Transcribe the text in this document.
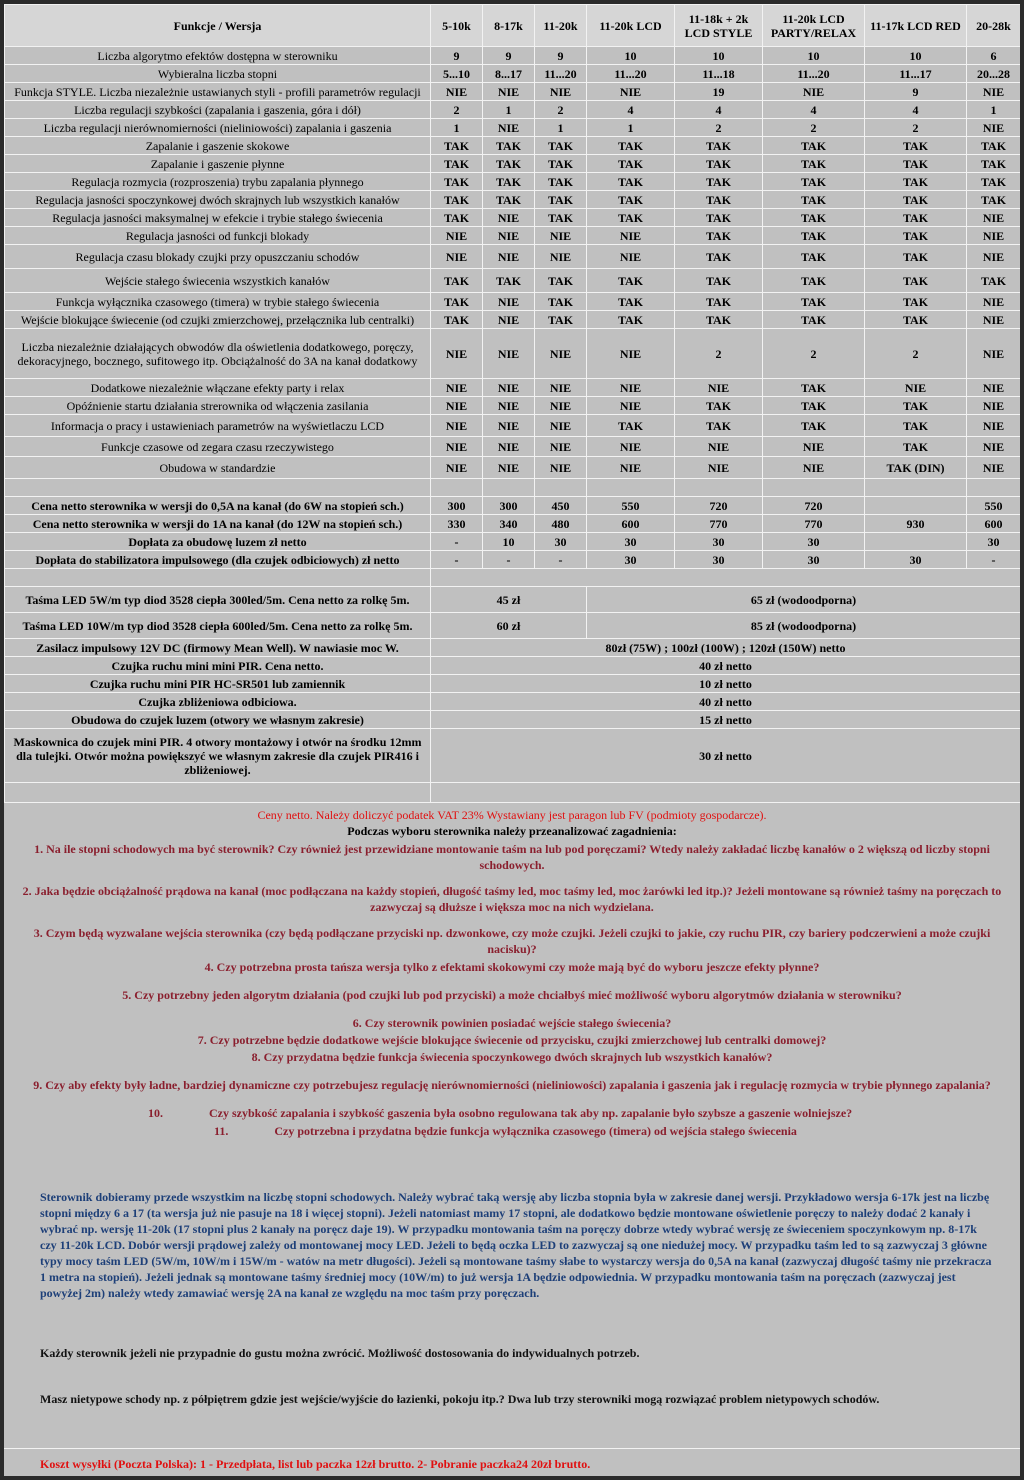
Funkcje / Wersja	5-10k	8-17k	11-20k	11-20k LCD	11-18k + 2k LCD STYLE	11-20k LCD PARTY/RELAX	11-17k LCD RED	20-28k
Liczba algorytmo efektów dostępna w sterowniku	9	9	9	10	10	10	10	6
Wybieralna liczba stopni	5...10	8...17	11...20	11...20	11...18	11...20	11...17	20...28
Funkcja STYLE. Liczba niezależnie ustawianych styli - profili parametrów regulacji	NIE	NIE	NIE	NIE	19	NIE	9	NIE
Liczba regulacji szybkości (zapalania i gaszenia, góra i dół)	2	1	2	4	4	4	4	1
Liczba regulacji nierównomierności (nieliniowości) zapalania i gaszenia	1	NIE	1	1	2	2	2	NIE
Zapalanie i gaszenie skokowe	TAK	TAK	TAK	TAK	TAK	TAK	TAK	TAK
Zapalanie i gaszenie płynne	TAK	TAK	TAK	TAK	TAK	TAK	TAK	TAK
Regulacja rozmycia (rozproszenia) trybu zapalania płynnego	TAK	TAK	TAK	TAK	TAK	TAK	TAK	TAK
Regulacja jasności spoczynkowej dwóch skrajnych lub wszystkich kanałów	TAK	TAK	TAK	TAK	TAK	TAK	TAK	TAK
Regulacja jasności maksymalnej w efekcie i trybie stałego świecenia	TAK	NIE	TAK	TAK	TAK	TAK	TAK	NIE
Regulacja jasności od funkcji blokady	NIE	NIE	NIE	NIE	TAK	TAK	TAK	NIE
Regulacja czasu blokady czujki przy opuszczaniu schodów	NIE	NIE	NIE	NIE	TAK	TAK	TAK	NIE
Wejście stałego świecenia wszystkich kanałów	TAK	TAK	TAK	TAK	TAK	TAK	TAK	TAK
Funkcja wyłącznika czasowego (timera) w trybie stałego świecenia	TAK	NIE	TAK	TAK	TAK	TAK	TAK	NIE
Wejście blokujące świecenie (od czujki zmierzchowej, przełącznika lub centralki)	TAK	NIE	TAK	TAK	TAK	TAK	TAK	NIE
Liczba niezależnie działających obwodów dla oświetlenia dodatkowego, poręczy, dekoracyjnego, bocznego, sufitowego itp. Obciążalność do 3A na kanał dodatkowy	NIE	NIE	NIE	NIE	2	2	2	NIE
Dodatkowe niezależnie włączane efekty party i relax	NIE	NIE	NIE	NIE	NIE	TAK	NIE	NIE
Opóźnienie startu działania strerownika od włączenia zasilania	NIE	NIE	NIE	NIE	TAK	TAK	TAK	NIE
Informacja o pracy i ustawieniach parametrów na wyświetlaczu LCD	NIE	NIE	NIE	TAK	TAK	TAK	TAK	NIE
Funkcje czasowe od zegara czasu rzeczywistego	NIE	NIE	NIE	NIE	NIE	NIE	TAK	NIE
Obudowa w standardzie	NIE	NIE	NIE	NIE	NIE	NIE	TAK (DIN)	NIE

Cena netto sterownika w wersji do 0,5A na kanał (do 6W na stopień sch.)	300	300	450	550	720	720		550
Cena netto sterownika w wersji do 1A na kanał (do 12W na stopień sch.)	330	340	480	600	770	770	930	600
Dopłata za obudowę luzem zł netto	-	10	30	30	30	30		30
Dopłata do stabilizatora impulsowego (dla czujek odbiciowych) zł netto	-	-	-	30	30	30	30	-

Taśma LED 5W/m typ diod 3528 ciepła 300led/5m. Cena netto za rolkę 5m.	45 zł			65 zł (wodoodporna)				
Taśma LED 10W/m typ diod 3528 ciepła 600led/5m. Cena netto za rolkę 5m.	60 zł			85 zł (wodoodporna)				
Zasilacz impulsowy 12V DC (firmowy Mean Well). W nawiasie moc W.	80zł (75W) ; 100zł (100W) ; 120zł (150W) netto							
Czujka ruchu mini mini PIR. Cena netto.	40 zł netto							
Czujka ruchu mini PIR HC-SR501 lub zamiennik	10 zł netto							
Czujka zbliżeniowa odbiciowa.	40 zł netto							
Obudowa do czujek luzem (otwory we własnym zakresie)	15 zł netto							
Maskownica do czujek mini PIR. 4 otwory montażowy i otwór na środku 12mm dla tulejki. Otwór można powiększyć we własnym zakresie dla czujek PIR416 i zbliżeniowej.	30 zł netto							

Ceny netto. Należy doliczyć podatek VAT 23% Wystawiany jest paragon lub FV (podmioty gospodarcze).
Podczas wyboru sterownika należy przeanalizować zagadnienia:

1. Na ile stopni schodowych ma być sterownik? Czy również jest przewidziane montowanie taśm na lub pod poręczami? Wtedy należy zakładać liczbę kanałów o 2 większą od liczby stopni schodowych.

2. Jaka będzie obciążalność prądowa na kanał (moc podłączana na każdy stopień, długość taśmy led, moc taśmy led, moc żarówki led itp.)? Jeżeli montowane są również taśmy na poręczach to zazwyczaj są dłuższe i większa moc na nich wydzielana.

3. Czym będą wyzwalane wejścia sterownika (czy będą podłączane przyciski np. dzwonkowe, czy może czujki. Jeżeli czujki to jakie, czy ruchu PIR, czy bariery podczerwieni a może czujki nacisku)?

4. Czy potrzebna prosta tańsza wersja tylko z efektami skokowymi czy może mają być do wyboru jeszcze efekty płynne?

5. Czy potrzebny jeden algorytm działania (pod czujki lub pod przyciski) a może chciałbyś mieć możliwość wyboru algorytmów działania w sterowniku?

6. Czy sterownik powinien posiadać wejście stałego świecenia?

7. Czy potrzebne będzie dodatkowe wejście blokujące świecenie od przycisku, czujki zmierzchowej lub centralki domowej?

8. Czy przydatna będzie funkcja świecenia spoczynkowego dwóch skrajnych lub wszystkich kanałów?

9. Czy aby efekty były ładne, bardziej dynamiczne czy potrzebujesz regulację nierównomierności (nieliniowości) zapalania i gaszenia jak i regulację rozmycia w trybie płynnego zapalania?

10.	Czy szybkość zapalania i szybkość gaszenia była osobno regulowana tak aby np. zapalanie było szybsze a gaszenie wolniejsze?

11.	Czy potrzebna i przydatna będzie funkcja wyłącznika czasowego (timera) od wejścia stałego świecenia

Sterownik dobieramy przede wszystkim na liczbę stopni schodowych. Należy wybrać taką wersję aby liczba stopnia była w zakresie danej wersji. Przykładowo wersja 6-17k jest na liczbę stopni między 6 a 17 (ta wersja już nie pasuje na 18 i więcej stopni). Jeżeli natomiast mamy 17 stopni, ale dodatkowo będzie montowane oświetlenie poręczy to należy dodać 2 kanały i wybrać np. wersję 11-20k (17 stopni plus 2 kanały na poręcz daje 19). W przypadku montowania taśm na poręczy dobrze wtedy wybrać wersję ze świeceniem spoczynkowym np. 8-17k czy 11-20k LCD. Dobór wersji prądowej zależy od montowanej mocy LED. Jeżeli to będą oczka LED to zazwyczaj są one niedużej mocy. W przypadku taśm led to są zazwyczaj 3 główne typy mocy taśm LED (5W/m, 10W/m i 15W/m - watów na metr długości). Jeżeli są montowane taśmy słabe to wystarczy wersja do 0,5A na kanał (zazwyczaj długość taśmy nie przekracza 1 metra na stopień). Jeżeli jednak są montowane taśmy średniej mocy (10W/m) to już wersja 1A będzie odpowiednia. W przypadku montowania taśm na poręczach (zazwyczaj jest powyżej 2m) należy wtedy zamawiać wersję 2A na kanał ze względu na moc taśm przy poręczach.
Każdy sterownik jeżeli nie przypadnie do gustu można zwrócić. Możliwość dostosowania do indywidualnych potrzeb.
Masz nietypowe schody np. z półpiętrem gdzie jest wejście/wyjście do łazienki, pokoju itp.? Dwa lub trzy sterowniki mogą rozwiązać problem nietypowych schodów.
Koszt wysyłki (Poczta Polska): 1 - Przedpłata, list lub paczka 12zł brutto. 2- Pobranie paczka24 20zł brutto.
